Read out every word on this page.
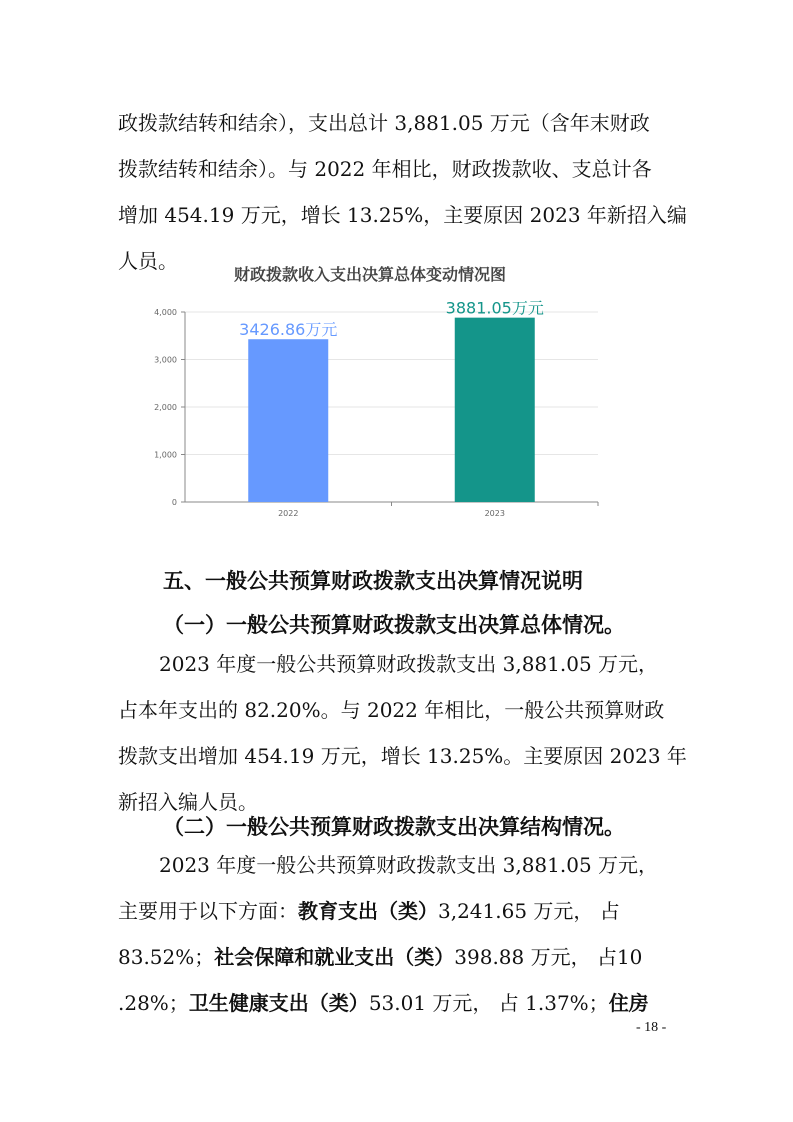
政拨款结转和结余），支出总计 3,881.05 万元（含年末财政
拨款结转和结余）。与 2022 年相比，财政拨款收、支总计各
增加 454.19 万元，增长 13.25%，主要原因 2023 年新招入编
人员。
财政拨款收入支出决算总体变动情况图
0
1,000
2,000
3,000
4,000
2022	2023
3426.86万元
3881.05万元
五、一般公共预算财政拨款支出决算情况说明
（一）一般公共预算财政拨款支出决算总体情况。
2023 年度一般公共预算财政拨款支出 3,881.05 万元，
占本年支出的 82.20%。与 2022 年相比，一般公共预算财政
拨款支出增加 454.19 万元，增长 13.25%。主要原因 2023 年
新招入编人员。
（二）一般公共预算财政拨款支出决算结构情况。
2023 年度一般公共预算财政拨款支出 3,881.05 万元，
主要用于以下方面：教育支出（类）3,241.65 万元， 占
83.52%；社会保障和就业支出（类）398.88 万元， 占10
.28%；卫生健康支出（类）53.01 万元， 占 1.37%；住房
- 18 -
